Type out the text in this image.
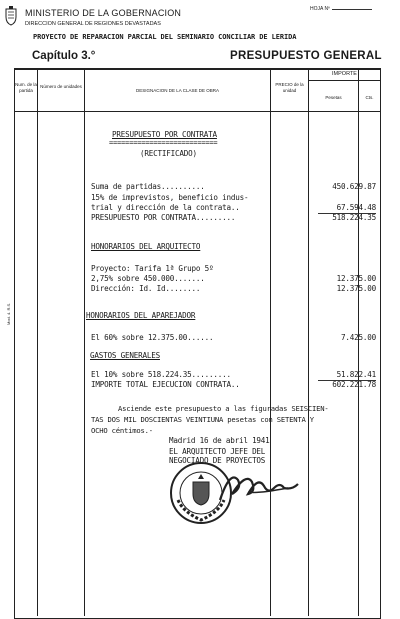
HOJA Nº
MINISTERIO DE LA GOBERNACION
DIRECCION GENERAL DE REGIONES DEVASTADAS
PROYECTO DE REPARACION PARCIAL DEL SEMINARIO CONCILIAR DE LERIDA
Capítulo 3.°	PRESUPUESTO GENERAL
Num. de la partida
Número de unidades
DESIGNACION DE LA CLASE DE OBRA
PRECIO de la unidad
IMPORTE
Pesetas	Cts.
PRESUPUESTO POR CONTRATA
===========================
(RECTIFICADO)
Suma de partidas..........	450.629.87
15% de imprevistos, beneficio indus-
trial y dirección de la contrata..	67.594.48
PRESUPUESTO POR CONTRATA.........	518.224.35
HONORARIOS DEL ARQUITECTO
Proyecto: Tarifa 1ª Grupo 5º
2,75% sobre 450.000.......	12.375.00
Dirección: Id. Id........	12.375.00
HONORARIOS DEL APAREJADOR
El 60% sobre 12.375.00......	7.425.00
GASTOS GENERALES
El 10% sobre 518.224.35.........	51.822.41
IMPORTE TOTAL EJECUCION CONTRATA..	602.221.78
Asciende este presupuesto a las figuradas SEISCIEN-
TAS DOS MIL DOSCIENTAS VEINTIUNA pesetas con SETENTA Y
OCHO céntimos.-
Madrid 16 de abril 1941
EL ARQUITECTO JEFE DEL
NEGOCIADO DE PROYECTOS
Mod. 4. R.S.
